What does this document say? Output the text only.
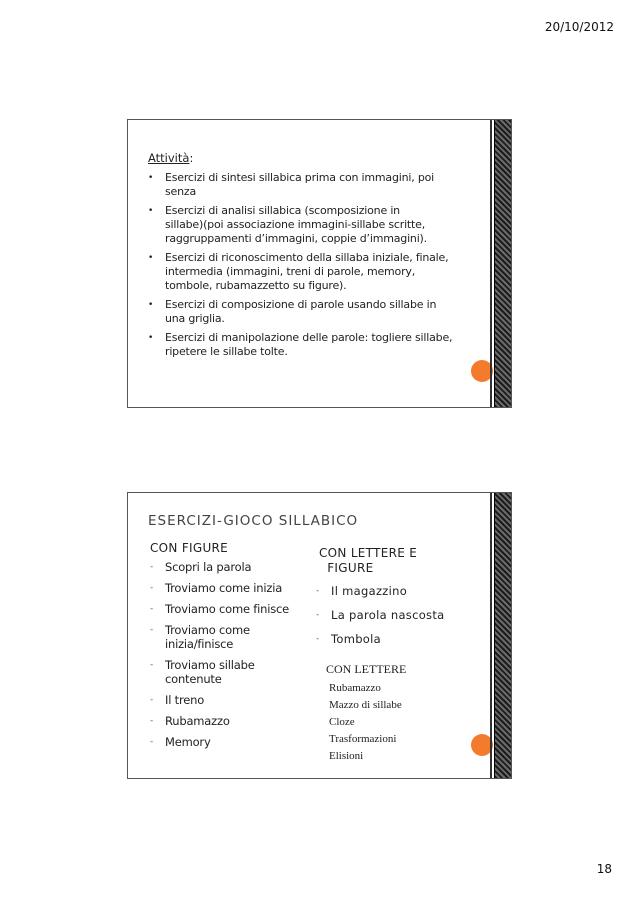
20/10/2012
Attività:
• Esercizi di sintesi sillabica prima con immagini, poi
senza
• Esercizi di analisi sillabica (scomposizione in
sillabe)(poi associazione immagini-sillabe scritte,
raggruppamenti d’immagini, coppie d’immagini).
• Esercizi di riconoscimento della sillaba iniziale, finale,
intermedia (immagini, treni di parole, memory,
tombole, rubamazzetto su figure).
• Esercizi di composizione di parole usando sillabe in
una griglia.
• Esercizi di manipolazione delle parole: togliere sillabe,
ripetere le sillabe tolte.
ESERCIZI-GIOCO SILLABICO
CON FIGURE
- Scopri la parola
- Troviamo come inizia
- Troviamo come finisce
- Troviamo come
inizia/finisce
- Troviamo sillabe
contenute
- Il treno
- Rubamazzo
- Memory
CON LETTERE E
FIGURE
- Il magazzino
- La parola nascosta
- Tombola
CON LETTERE
Rubamazzo
Mazzo di sillabe
Cloze
Trasformazioni
Elisioni
18
